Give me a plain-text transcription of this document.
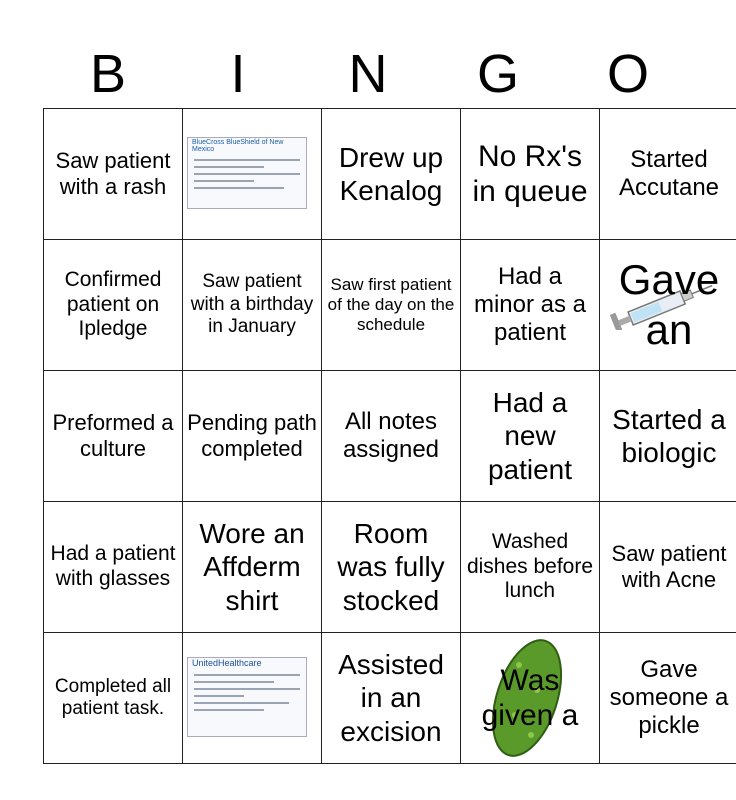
B	I	N	G	O
Saw patient with a rash	BlueCross BlueShield of New Mexico	Drew up Kenalog	No Rx's in queue	Started Accutane
Confirmed patient on Ipledge	Saw patient with a birthday in January	Saw first patient of the day on the schedule	Had a minor as a patient	Gave an
Preformed a culture	Pending path completed	All notes assigned	Had a new patient	Started a biologic
Had a patient with glasses	Wore an Affderm shirt	Room was fully stocked	Washed dishes before lunch	Saw patient with Acne
Completed all patient task.	UnitedHealthcare	Assisted in an excision	Was given a	Gave someone a pickle
